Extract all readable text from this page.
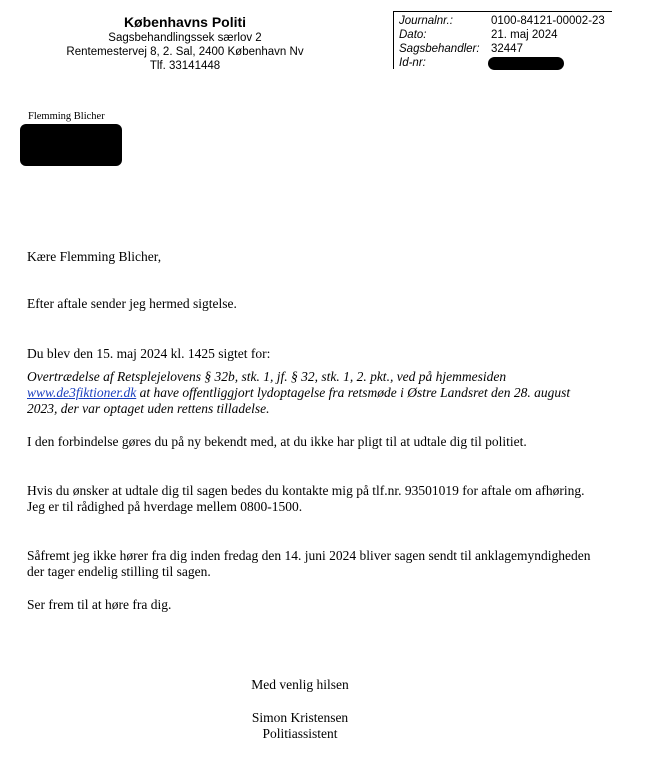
Københavns Politi
Sagsbehandlingssek særlov 2
Rentemestervej 8, 2. Sal, 2400 København Nv
Tlf. 33141448
Journalnr.:	0100-84121-00002-23
Dato:	21. maj 2024
Sagsbehandler: 32447
Id-nr:
Flemming Blicher
Kære Flemming Blicher,
Efter aftale sender jeg hermed sigtelse.
Du blev den 15. maj 2024 kl. 1425 sigtet for:
Overtrædelse af Retsplejelovens § 32b, stk. 1, jf. § 32, stk. 1, 2. pkt., ved på hjemmesiden
www.de3fiktioner.dk at have offentliggjort lydoptagelse fra retsmøde i Østre Landsret den 28. august
2023, der var optaget uden rettens tilladelse.
I den forbindelse gøres du på ny bekendt med, at du ikke har pligt til at udtale dig til politiet.
Hvis du ønsker at udtale dig til sagen bedes du kontakte mig på tlf.nr. 93501019 for aftale om afhøring.
Jeg er til rådighed på hverdage mellem 0800-1500.
Såfremt jeg ikke hører fra dig inden fredag den 14. juni 2024 bliver sagen sendt til anklagemyndigheden
der tager endelig stilling til sagen.
Ser frem til at høre fra dig.
Med venlig hilsen
Simon Kristensen
Politiassistent
